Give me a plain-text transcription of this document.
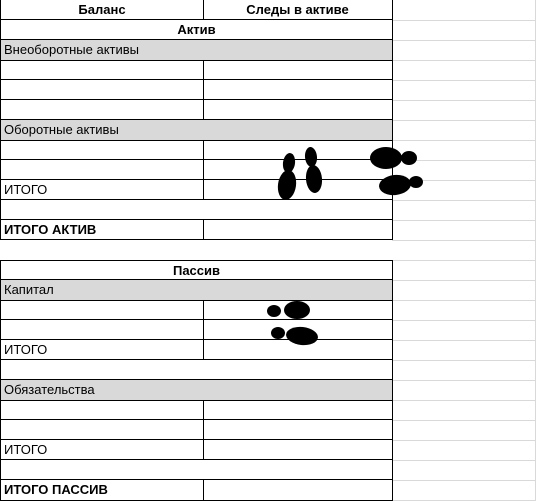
Баланс	Следы в активе
Актив
Внеоборотные активы
Оборотные активы
ИТОГО
ИТОГО АКТИВ
Пассив
Капитал
ИТОГО
Обязательства
ИТОГО
ИТОГО ПАССИВ
